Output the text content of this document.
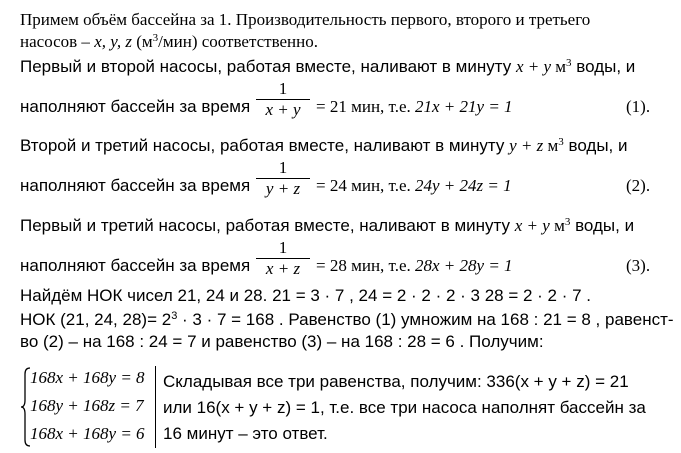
Примем объём бассейна за 1. Производительность первого, второго и третьего
насосов – x, y, z $(м^3/мин)$ соответственно.
Первый и второй насосы, работая вместе, наливают в минуту x + y $м^3$ воды, и
наполняют бассейн за время
1
x + y = 21 мин, т.е. 21x + 21y = 1	(1).
Второй и третий насосы, работая вместе, наливают в минуту y + z $м^3$ воды, и
наполняют бассейн за время
1
y + z = 24 мин, т.е. 24y + 24z = 1	(2).
Первый и третий насосы, работая вместе, наливают в минуту x + y $м^3$ воды, и
наполняют бассейн за время
1
x + z = 28 мин, т.е. 28x + 28y = 1	(3).
Найдём НОК чисел 21, 24 и 28. 21 = 3 · 7 , 24 = 2 · 2 · 2 · 3 28 = 2 · 2 · 7 .
НОК (21, 24, $28)= 2^3 \cdot 3 \cdot 7 = 168$ . Равенство (1) умножим на 168 : 21 = 8 , равенст-
во (2) – на 168 : 24 = 7 и равенство (3) – на 168 : 28 = 6 . Получим:
168x + 168y = 8
168y + 168z = 7
168x + 168y = 6
Складывая все три равенства, получим: 336(x + y + z) = 21
или 16(x + y + z) = 1, т.е. все три насоса наполнят бассейн за
16 минут – это ответ.
